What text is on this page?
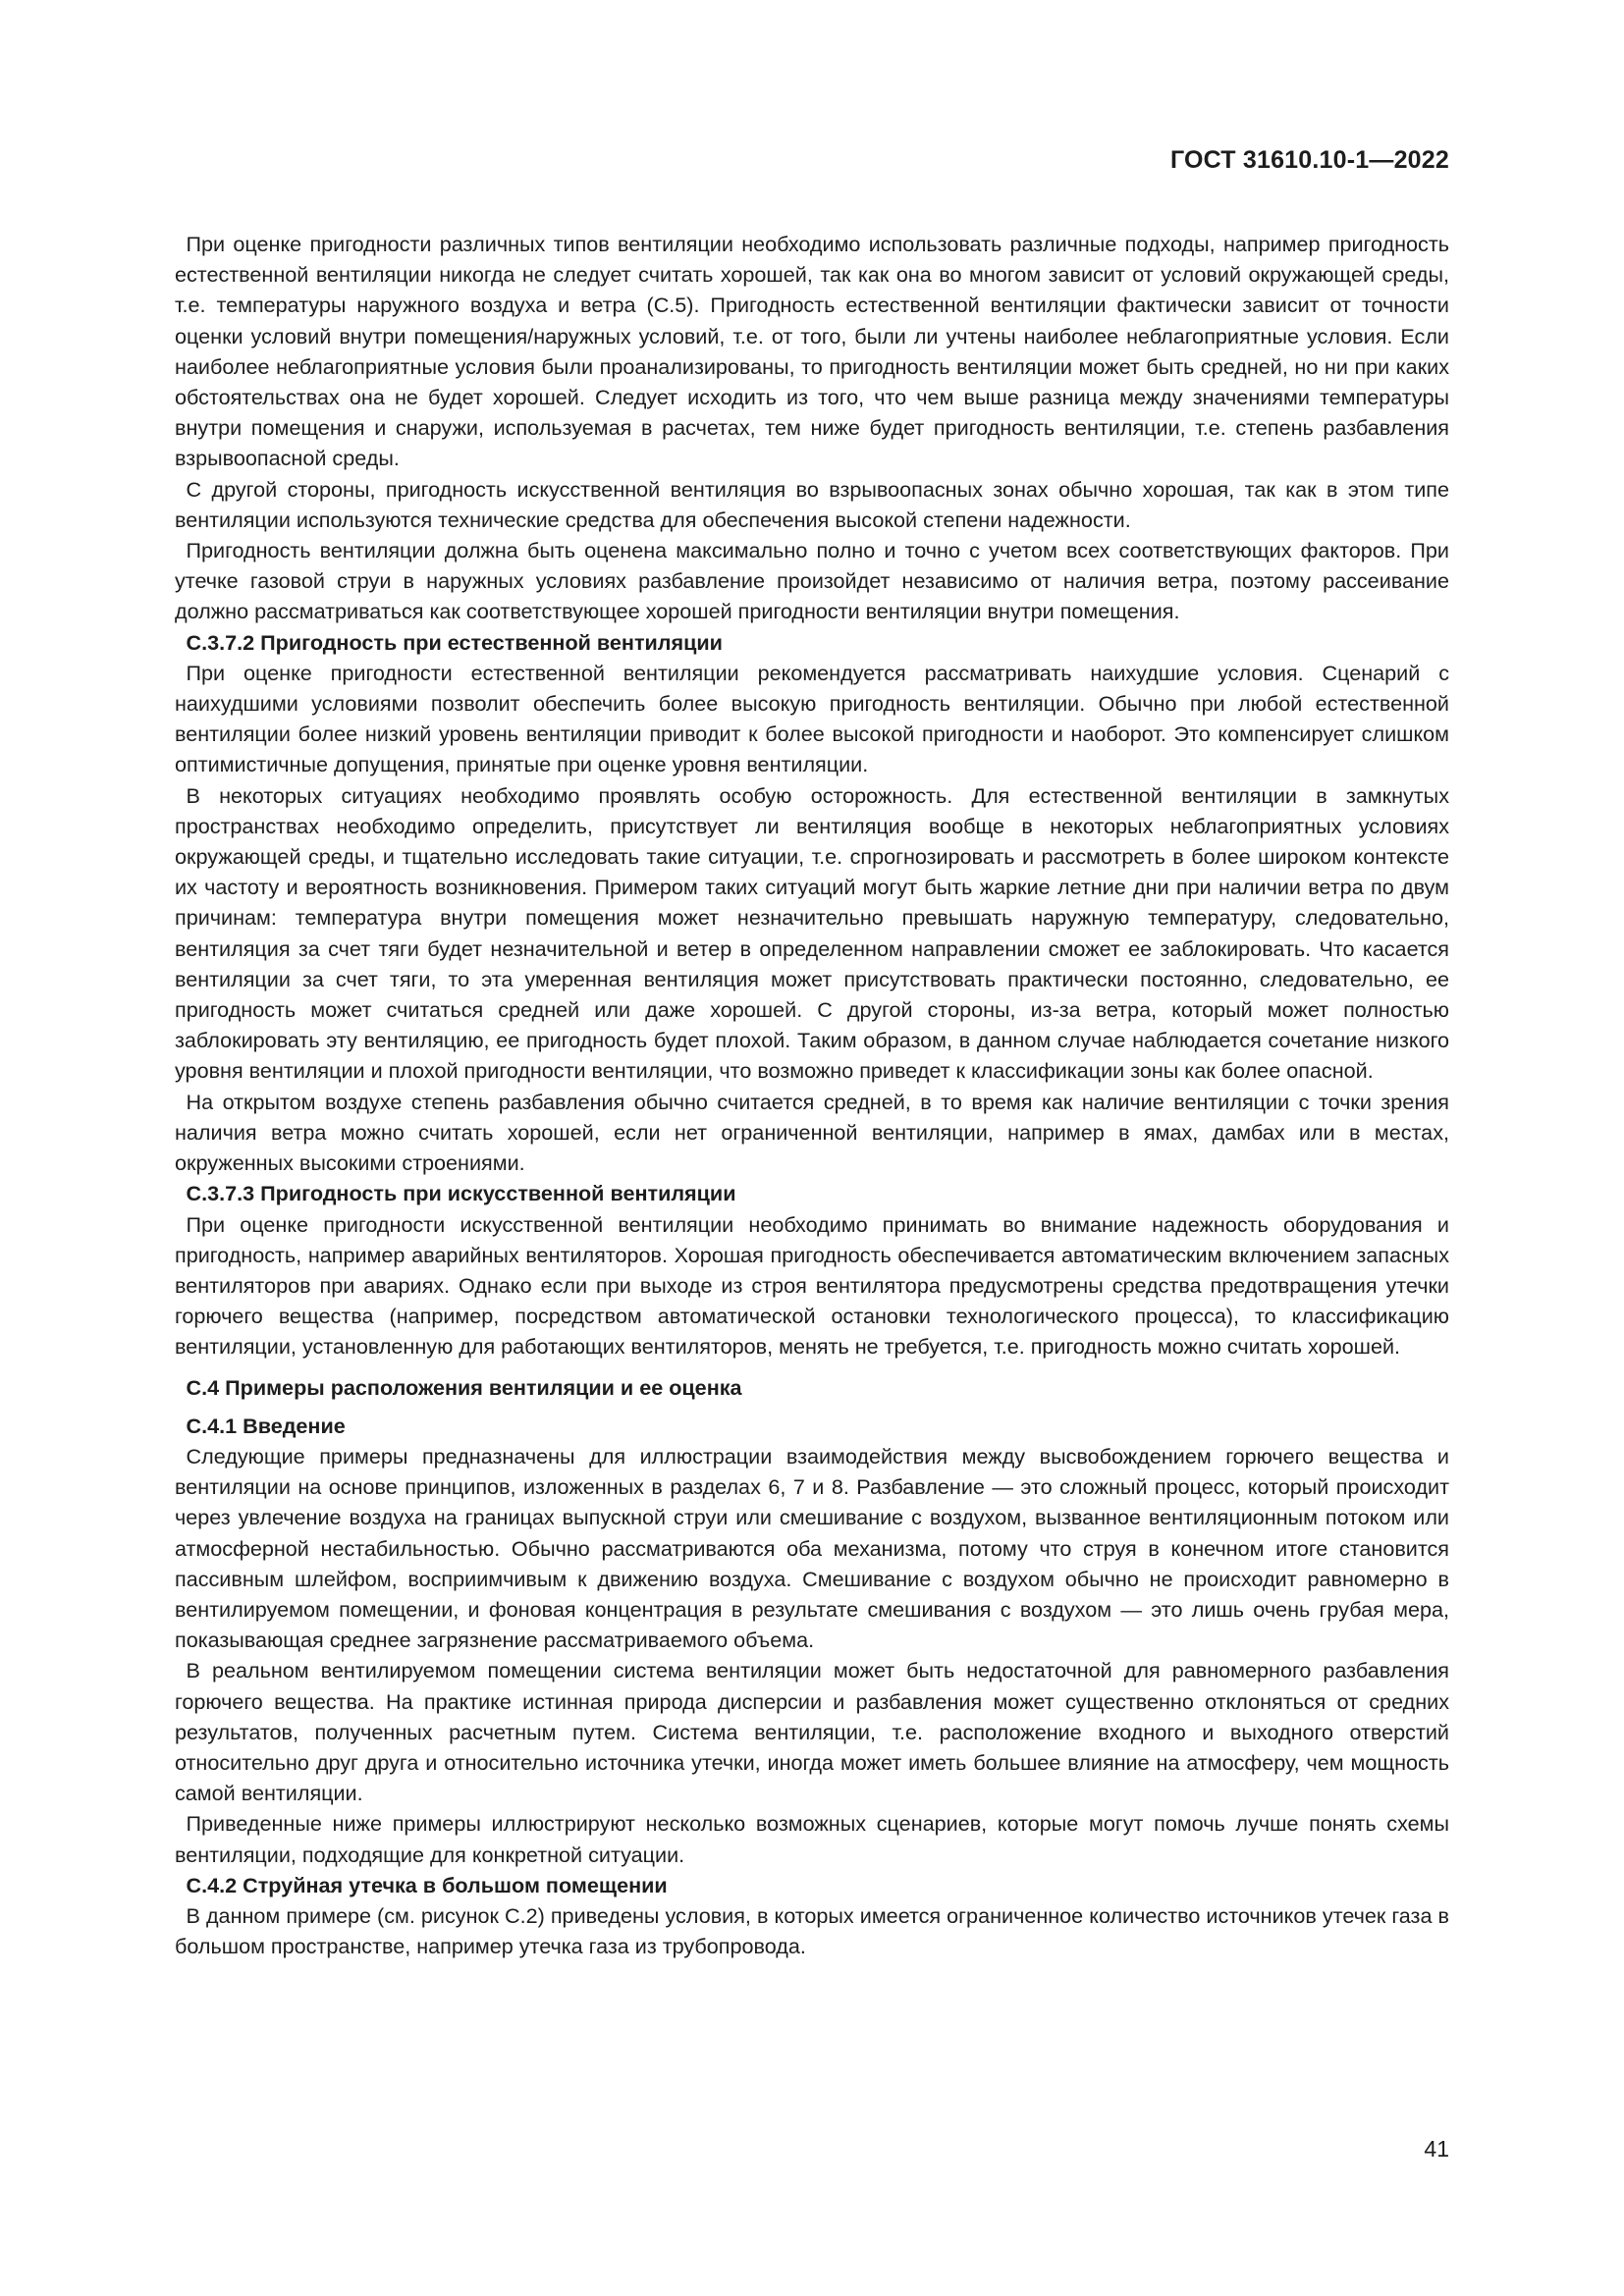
ГОСТ 31610.10-1—2022

При оценке пригодности различных типов вентиляции необходимо использовать различные подходы, например пригодность естественной вентиляции никогда не следует считать хорошей, так как она во многом зависит от условий окружающей среды, т.е. температуры наружного воздуха и ветра (С.5). Пригодность естественной вентиляции фактически зависит от точности оценки условий внутри помещения/наружных условий, т.е. от того, были ли учтены наиболее неблагоприятные условия. Если наиболее неблагоприятные условия были проанализированы, то пригодность вентиляции может быть средней, но ни при каких обстоятельствах она не будет хорошей. Следует исходить из того, что чем выше разница между значениями температуры внутри помещения и снаружи, используемая в расчетах, тем ниже будет пригодность вентиляции, т.е. степень разбавления взрывоопасной среды.

С другой стороны, пригодность искусственной вентиляция во взрывоопасных зонах обычно хорошая, так как в этом типе вентиляции используются технические средства для обеспечения высокой степени надежности.

Пригодность вентиляции должна быть оценена максимально полно и точно с учетом всех соответствующих факторов. При утечке газовой струи в наружных условиях разбавление произойдет независимо от наличия ветра, поэтому рассеивание должно рассматриваться как соответствующее хорошей пригодности вентиляции внутри помещения.

С.3.7.2 Пригодность при естественной вентиляции

При оценке пригодности естественной вентиляции рекомендуется рассматривать наихудшие условия. Сценарий с наихудшими условиями позволит обеспечить более высокую пригодность вентиляции. Обычно при любой естественной вентиляции более низкий уровень вентиляции приводит к более высокой пригодности и наоборот. Это компенсирует слишком оптимистичные допущения, принятые при оценке уровня вентиляции.

В некоторых ситуациях необходимо проявлять особую осторожность. Для естественной вентиляции в замкнутых пространствах необходимо определить, присутствует ли вентиляция вообще в некоторых неблагоприятных условиях окружающей среды, и тщательно исследовать такие ситуации, т.е. спрогнозировать и рассмотреть в более широком контексте их частоту и вероятность возникновения. Примером таких ситуаций могут быть жаркие летние дни при наличии ветра по двум причинам: температура внутри помещения может незначительно превышать наружную температуру, следовательно, вентиляция за счет тяги будет незначительной и ветер в определенном направлении сможет ее заблокировать. Что касается вентиляции за счет тяги, то эта умеренная вентиляция может присутствовать практически постоянно, следовательно, ее пригодность может считаться средней или даже хорошей. С другой стороны, из-за ветра, который может полностью заблокировать эту вентиляцию, ее пригодность будет плохой. Таким образом, в данном случае наблюдается сочетание низкого уровня вентиляции и плохой пригодности вентиляции, что возможно приведет к классификации зоны как более опасной.

На открытом воздухе степень разбавления обычно считается средней, в то время как наличие вентиляции с точки зрения наличия ветра можно считать хорошей, если нет ограниченной вентиляции, например в ямах, дамбах или в местах, окруженных высокими строениями.

С.3.7.3 Пригодность при искусственной вентиляции

При оценке пригодности искусственной вентиляции необходимо принимать во внимание надежность оборудования и пригодность, например аварийных вентиляторов. Хорошая пригодность обеспечивается автоматическим включением запасных вентиляторов при авариях. Однако если при выходе из строя вентилятора предусмотрены средства предотвращения утечки горючего вещества (например, посредством автоматической остановки технологического процесса), то классификацию вентиляции, установленную для работающих вентиляторов, менять не требуется, т.е. пригодность можно считать хорошей.

С.4 Примеры расположения вентиляции и ее оценка
С.4.1 Введение

Следующие примеры предназначены для иллюстрации взаимодействия между высвобождением горючего вещества и вентиляции на основе принципов, изложенных в разделах 6, 7 и 8. Разбавление — это сложный процесс, который происходит через увлечение воздуха на границах выпускной струи или смешивание с воздухом, вызванное вентиляционным потоком или атмосферной нестабильностью. Обычно рассматриваются оба механизма, потому что струя в конечном итоге становится пассивным шлейфом, восприимчивым к движению воздуха. Смешивание с воздухом обычно не происходит равномерно в вентилируемом помещении, и фоновая концентрация в результате смешивания с воздухом — это лишь очень грубая мера, показывающая среднее загрязнение рассматриваемого объема.

В реальном вентилируемом помещении система вентиляции может быть недостаточной для равномерного разбавления горючего вещества. На практике истинная природа дисперсии и разбавления может существенно отклоняться от средних результатов, полученных расчетным путем. Система вентиляции, т.е. расположение входного и выходного отверстий относительно друг друга и относительно источника утечки, иногда может иметь большее влияние на атмосферу, чем мощность самой вентиляции.

Приведенные ниже примеры иллюстрируют несколько возможных сценариев, которые могут помочь лучше понять схемы вентиляции, подходящие для конкретной ситуации.

С.4.2 Струйная утечка в большом помещении

В данном примере (см. рисунок С.2) приведены условия, в которых имеется ограниченное количество источников утечек газа в большом пространстве, например утечка газа из трубопровода.

41
